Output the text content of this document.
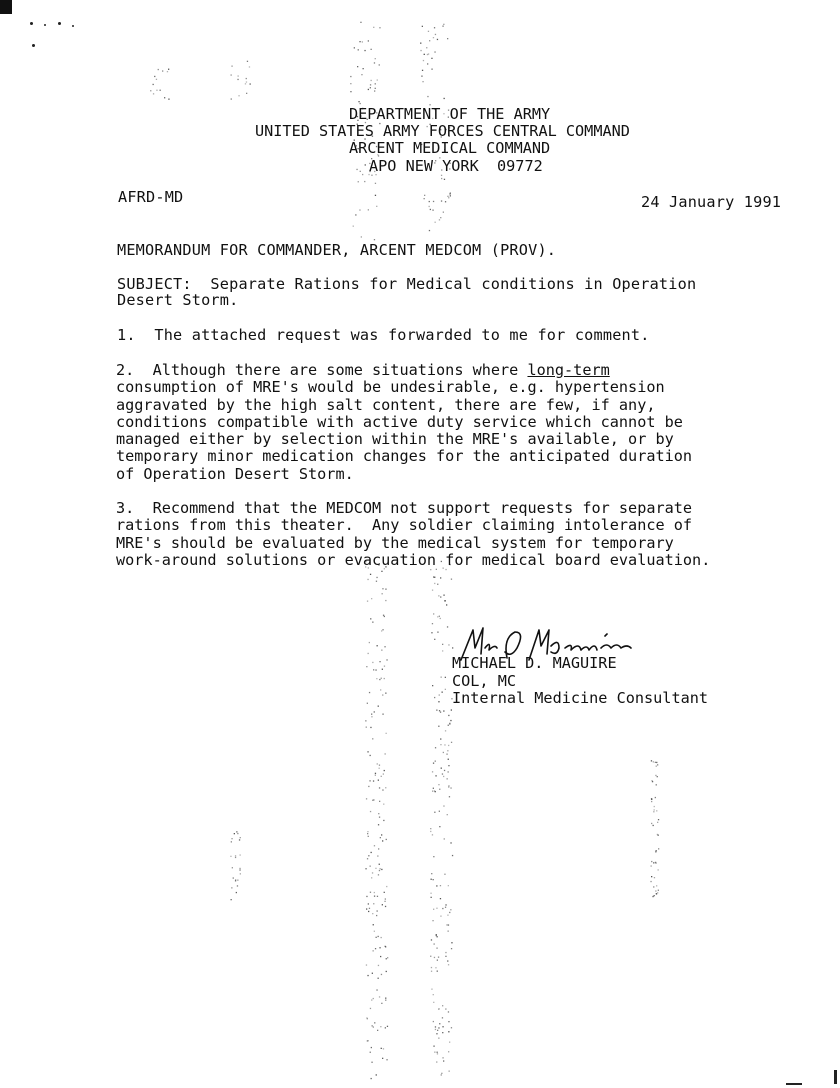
DEPARTMENT OF THE ARMY
UNITED STATES ARMY FORCES CENTRAL COMMAND
ARCENT MEDICAL COMMAND
APO NEW YORK  09772
AFRD-MD	24 January 1991
MEMORANDUM FOR COMMANDER, ARCENT MEDCOM (PROV).
SUBJECT:  Separate Rations for Medical conditions in Operation
Desert Storm.
1.  The attached request was forwarded to me for comment.
2.  Although there are some situations where long-term
consumption of MRE's would be undesirable, e.g. hypertension
aggravated by the high salt content, there are few, if any,
conditions compatible with active duty service which cannot be
managed either by selection within the MRE's available, or by
temporary minor medication changes for the anticipated duration
of Operation Desert Storm.
3.  Recommend that the MEDCOM not support requests for separate
rations from this theater.  Any soldier claiming intolerance of
MRE's should be evaluated by the medical system for temporary
work-around solutions or evacuation for medical board evaluation.
MICHAEL D. MAGUIRE
COL, MC
Internal Medicine Consultant
